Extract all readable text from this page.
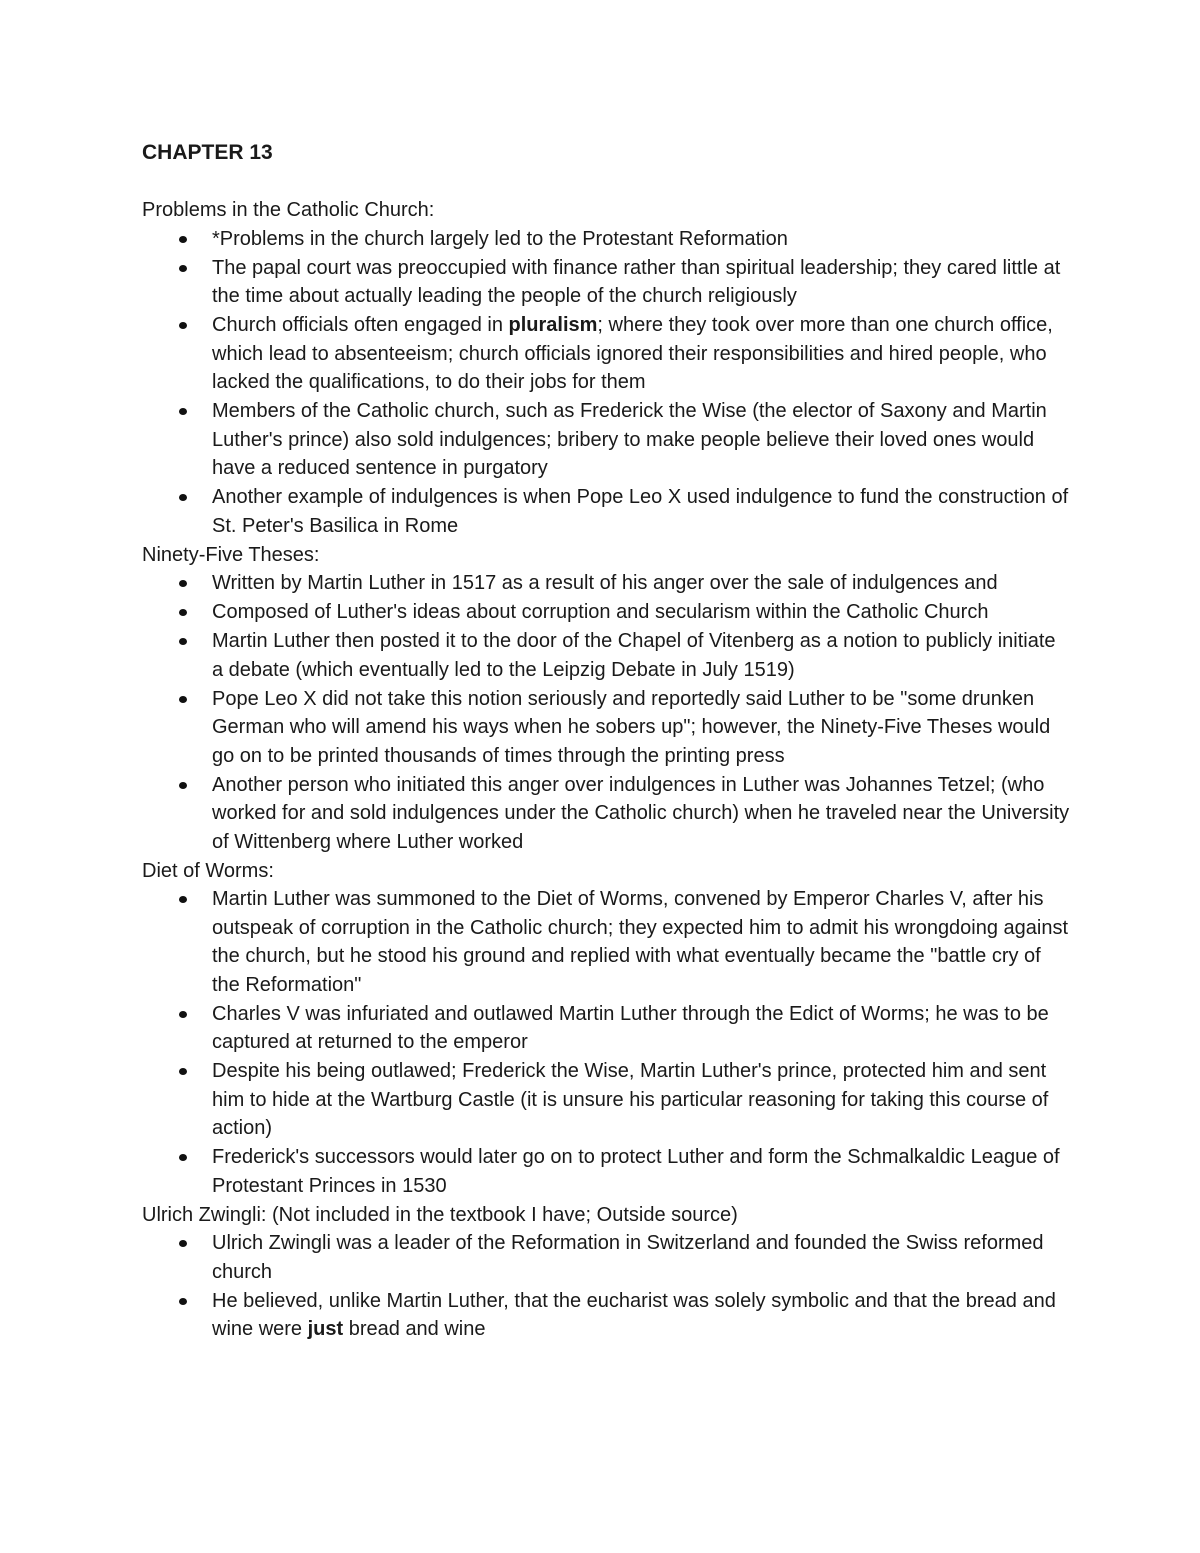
CHAPTER 13
Problems in the Catholic Church:
*Problems in the church largely led to the Protestant Reformation
The papal court was preoccupied with finance rather than spiritual leadership; they cared little at the time about actually leading the people of the church religiously
Church officials often engaged in pluralism; where they took over more than one church office, which lead to absenteeism; church officials ignored their responsibilities and hired people, who lacked the qualifications, to do their jobs for them
Members of the Catholic church, such as Frederick the Wise (the elector of Saxony and Martin Luther's prince) also sold indulgences; bribery to make people believe their loved ones would have a reduced sentence in purgatory
Another example of indulgences is when Pope Leo X used indulgence to fund the construction of St. Peter's Basilica in Rome
Ninety-Five Theses:
Written by Martin Luther in 1517 as a result of his anger over the sale of indulgences and
Composed of Luther's ideas about corruption and secularism within the Catholic Church
Martin Luther then posted it to the door of the Chapel of Vitenberg as a notion to publicly initiate a debate (which eventually led to the Leipzig Debate in July 1519)
Pope Leo X did not take this notion seriously and reportedly said Luther to be "some drunken German who will amend his ways when he sobers up"; however, the Ninety-Five Theses would go on to be printed thousands of times through the printing press
Another person who initiated this anger over indulgences in Luther was Johannes Tetzel; (who worked for and sold indulgences under the Catholic church) when he traveled near the University of Wittenberg where Luther worked
Diet of Worms:
Martin Luther was summoned to the Diet of Worms, convened by Emperor Charles V, after his outspeak of corruption in the Catholic church; they expected him to admit his wrongdoing against the church, but he stood his ground and replied with what eventually became the "battle cry of the Reformation"
Charles V was infuriated and outlawed Martin Luther through the Edict of Worms; he was to be captured at returned to the emperor
Despite his being outlawed; Frederick the Wise, Martin Luther's prince, protected him and sent him to hide at the Wartburg Castle (it is unsure his particular reasoning for taking this course of action)
Frederick's successors would later go on to protect Luther and form the Schmalkaldic League of Protestant Princes in 1530
Ulrich Zwingli: (Not included in the textbook I have; Outside source)
Ulrich Zwingli was a leader of the Reformation in Switzerland and founded the Swiss reformed church
He believed, unlike Martin Luther, that the eucharist was solely symbolic and that the bread and wine were just bread and wine
